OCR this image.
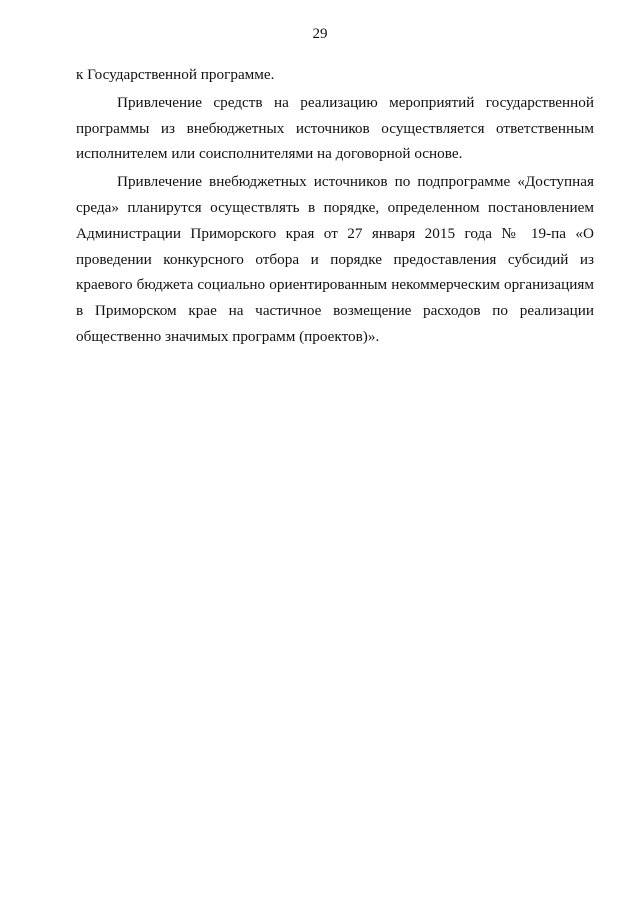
29

к Государственной программе.

Привлечение средств на реализацию мероприятий государственной программы из внебюджетных источников осуществляется ответственным исполнителем или соисполнителями на договорной основе.

Привлечение внебюджетных источников по подпрограмме «Доступная среда» планирутся осуществлять в порядке, определенном постановлением Администрации Приморского края от 27 января 2015 года № 19-па «О проведении конкурсного отбора и порядке предоставления субсидий из краевого бюджета социально ориентированным некоммерческим организациям в Приморском крае на частичное возмещение расходов по реализации общественно значимых программ (проектов)».
